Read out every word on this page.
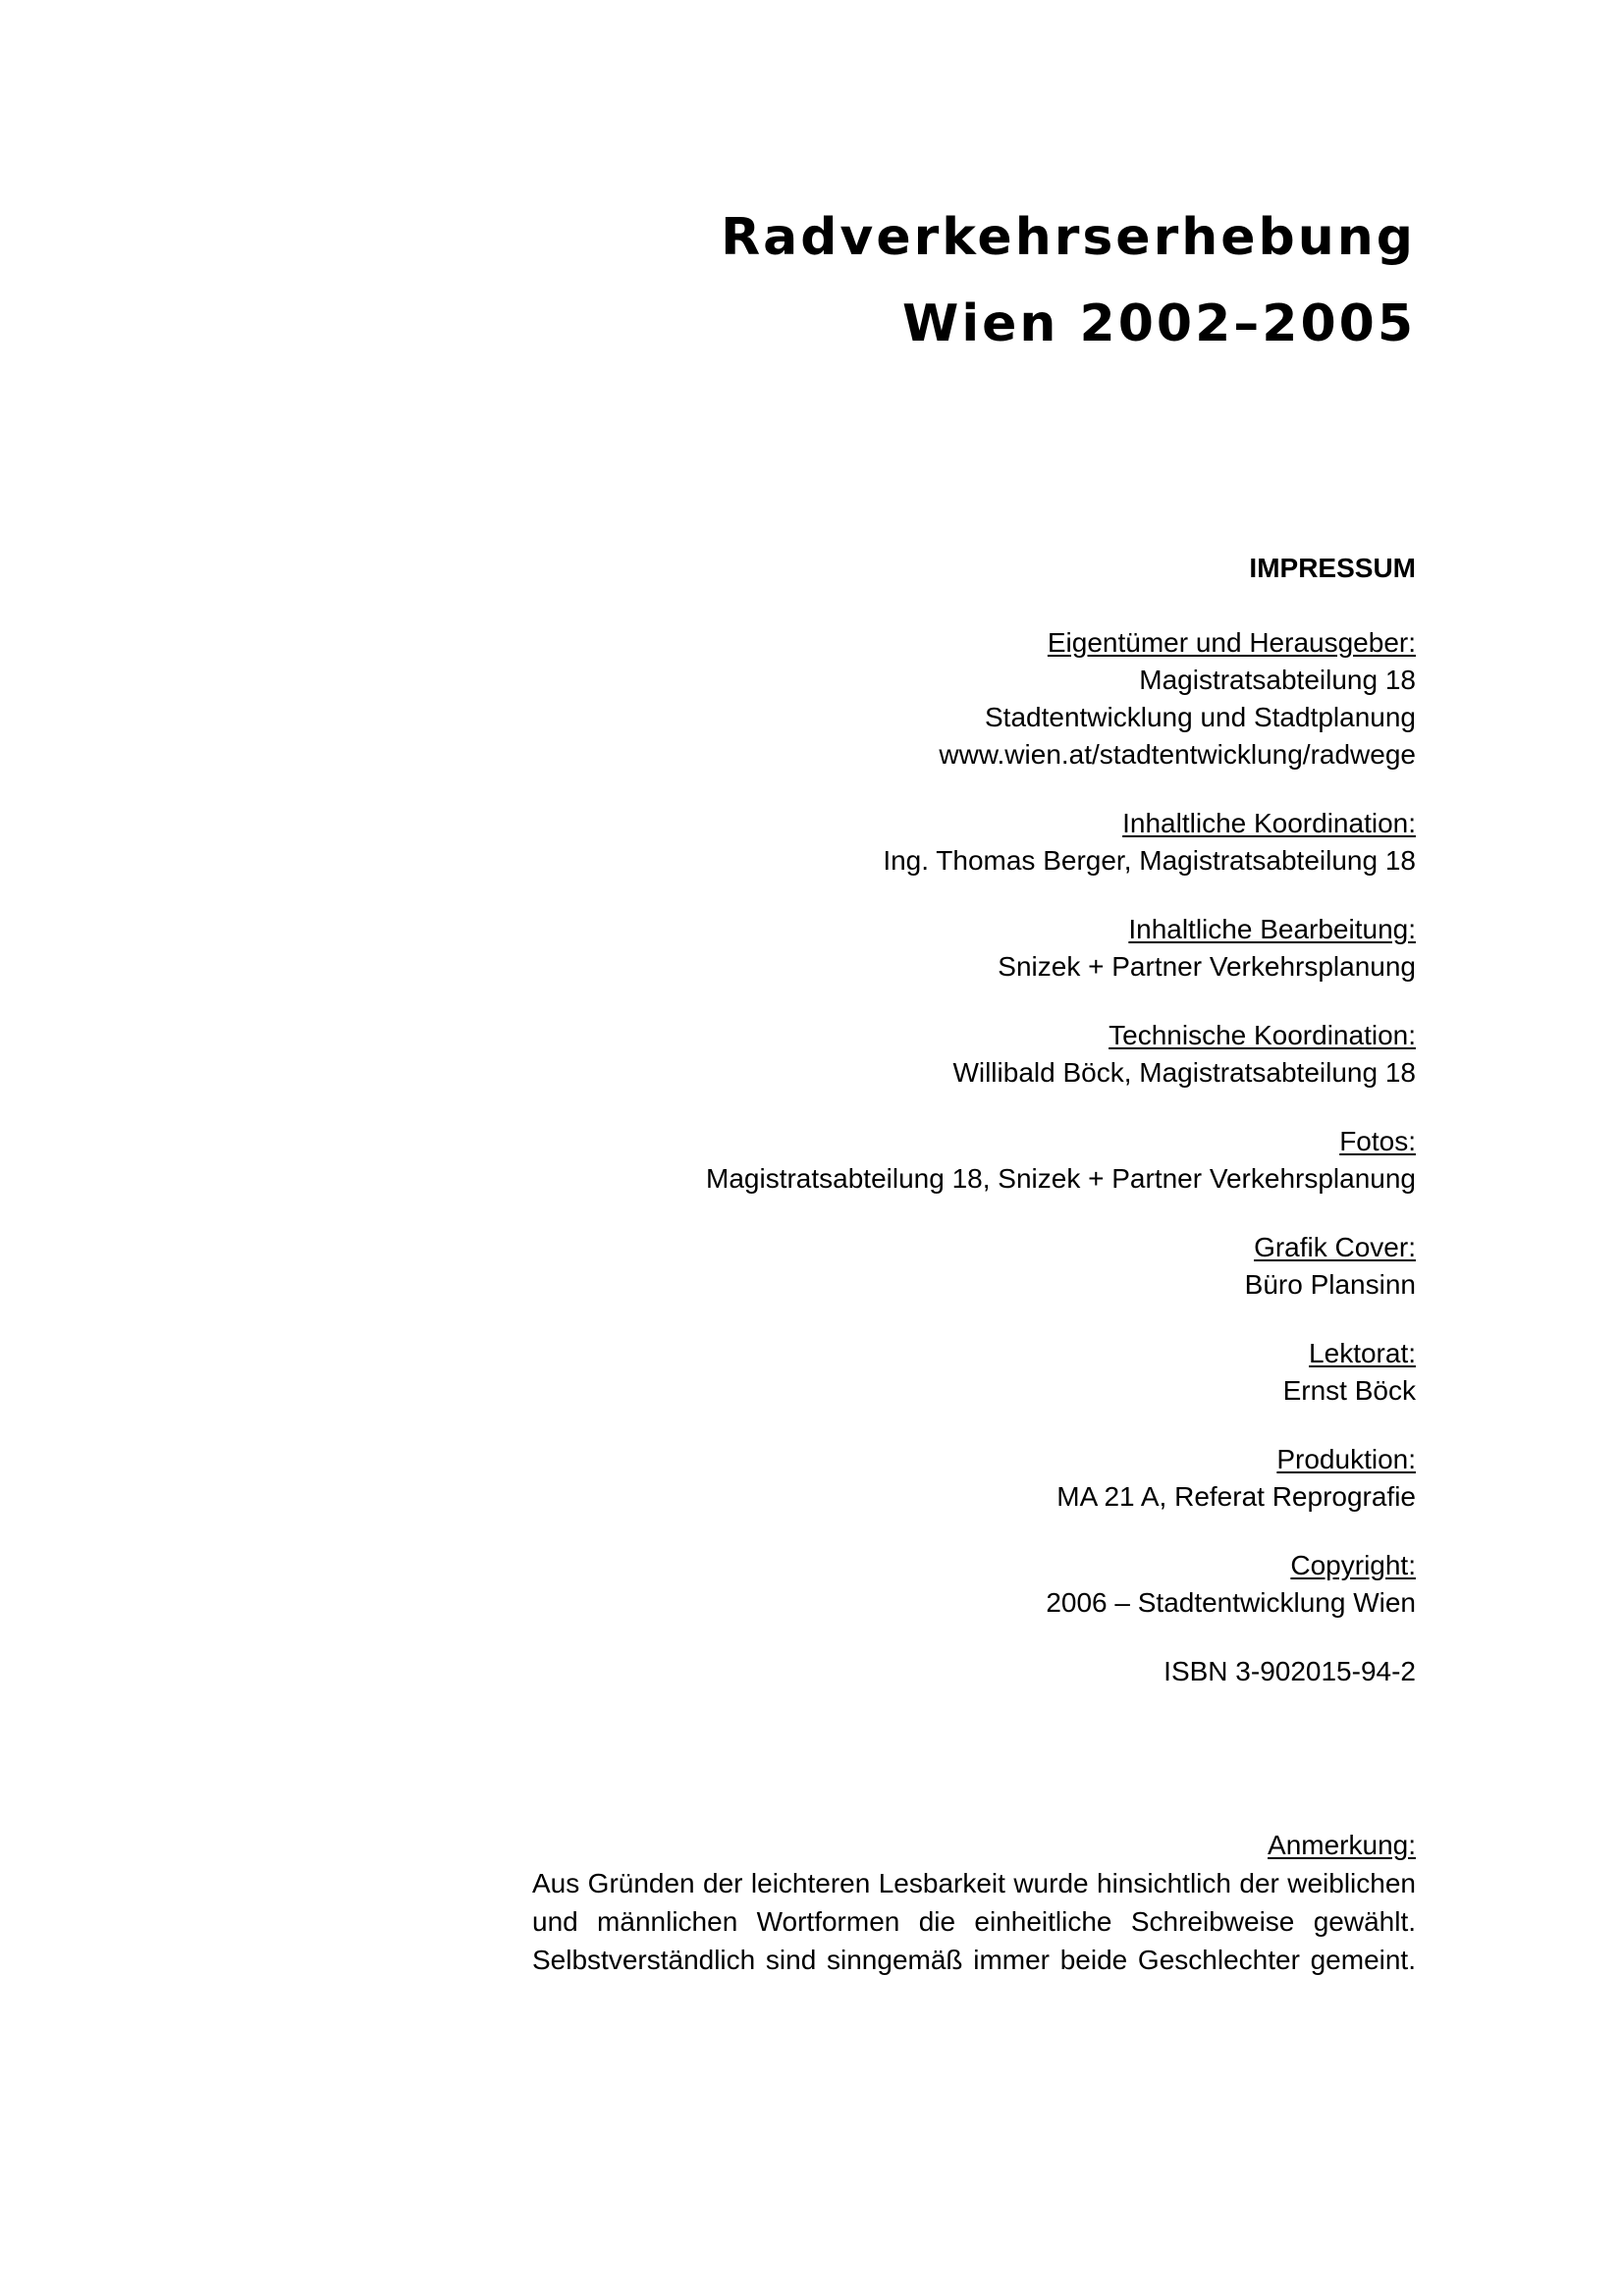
Radverkehrserhebung
Wien 2002–2005
IMPRESSUM
Eigentümer und Herausgeber:
Magistratsabteilung 18
Stadtentwicklung und Stadtplanung
www.wien.at/stadtentwicklung/radwege
Inhaltliche Koordination:
Ing. Thomas Berger, Magistratsabteilung 18
Inhaltliche Bearbeitung:
Snizek + Partner Verkehrsplanung
Technische Koordination:
Willibald Böck, Magistratsabteilung 18
Fotos:
Magistratsabteilung 18, Snizek + Partner Verkehrsplanung
Grafik Cover:
Büro Plansinn
Lektorat:
Ernst Böck
Produktion:
MA 21 A, Referat Reprografie
Copyright:
2006 – Stadtentwicklung Wien
ISBN 3-902015-94-2
Anmerkung:
Aus Gründen der leichteren Lesbarkeit wurde hinsichtlich der weiblichen und männlichen Wortformen die einheitliche Schreibweise gewählt. Selbstverständlich sind sinngemäß immer beide Geschlechter gemeint.
